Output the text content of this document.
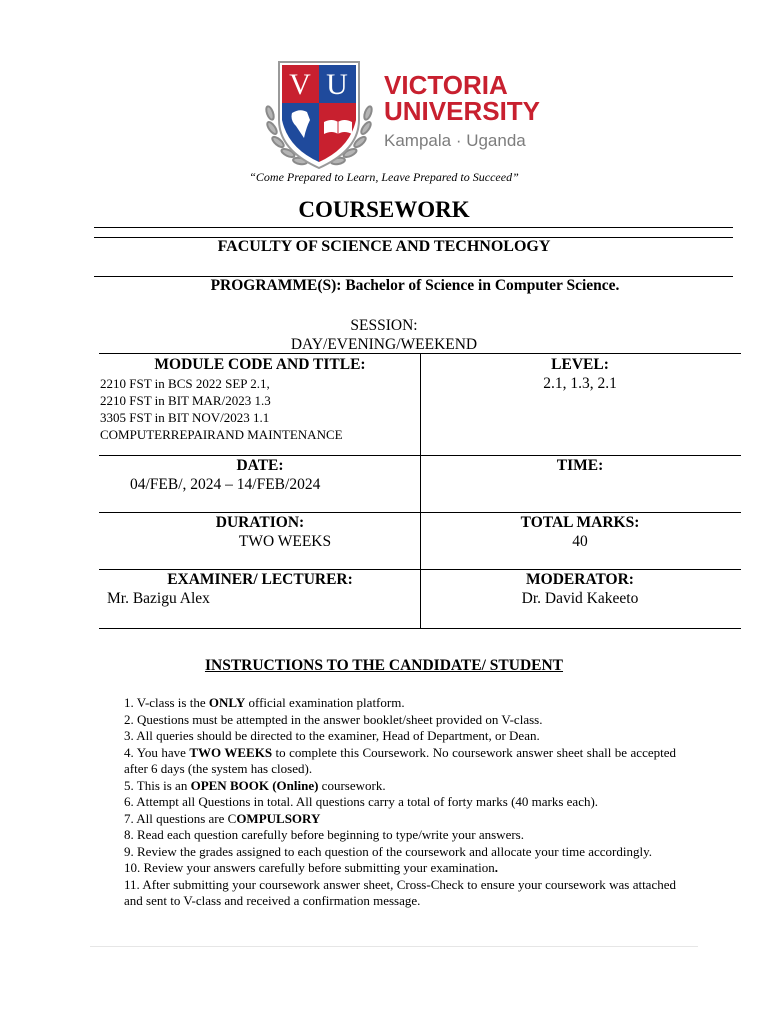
V U VICTORIA
UNIVERSITY
Kampala · Uganda
“Come Prepared to Learn, Leave Prepared to Succeed”
COURSEWORK
FACULTY OF SCIENCE AND TECHNOLOGY
PROGRAMME(S): Bachelor of Science in Computer Science.
SESSION:
DAY/EVENING/WEEKEND
MODULE CODE AND TITLE:
2210 FST in BCS 2022 SEP 2.1,
2210 FST in BIT MAR/2023 1.3
3305 FST in BIT NOV/2023 1.1
COMPUTERREPAIRAND MAINTENANCE
LEVEL:
2.1, 1.3, 2.1
DATE:
04/FEB/, 2024 – 14/FEB/2024
TIME:
DURATION:
TWO WEEKS
TOTAL MARKS:
40
EXAMINER/ LECTURER:
Mr. Bazigu Alex
MODERATOR:
Dr. David Kakeeto
INSTRUCTIONS TO THE CANDIDATE/ STUDENT
1. V-class is the ONLY official examination platform.
2. Questions must be attempted in the answer booklet/sheet provided on V-class.
3. All queries should be directed to the examiner, Head of Department, or Dean.
4. You have TWO WEEKS to complete this Coursework. No coursework answer sheet shall be accepted after 6 days (the system has closed).
5. This is an OPEN BOOK (Online) coursework.
6. Attempt all Questions in total. All questions carry a total of forty marks (40 marks each).
7. All questions are COMPULSORY
8. Read each question carefully before beginning to type/write your answers.
9. Review the grades assigned to each question of the coursework and allocate your time accordingly.
10. Review your answers carefully before submitting your examination.
11. After submitting your coursework answer sheet, Cross-Check to ensure your coursework was attached and sent to V-class and received a confirmation message.
